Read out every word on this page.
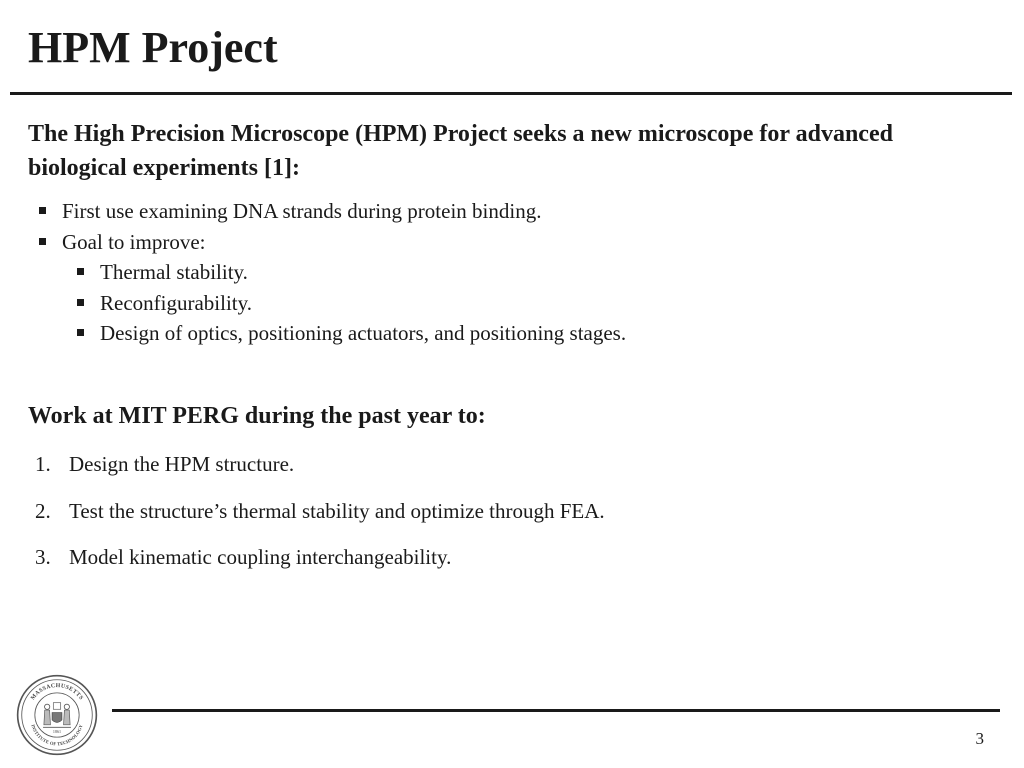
HPM Project

The High Precision Microscope (HPM) Project seeks a new microscope for advanced biological experiments [1]:

First use examining DNA strands during protein binding.
Goal to improve:
Thermal stability.
Reconfigurability.
Design of optics, positioning actuators, and positioning stages.

Work at MIT PERG during the past year to:

1. Design the HPM structure.
2. Test the structure’s thermal stability and optimize through FEA.
3. Model kinematic coupling interchangeability.
MASSACHUSETTS
INSTITUTE OF TECHNOLOGY
1861	3
